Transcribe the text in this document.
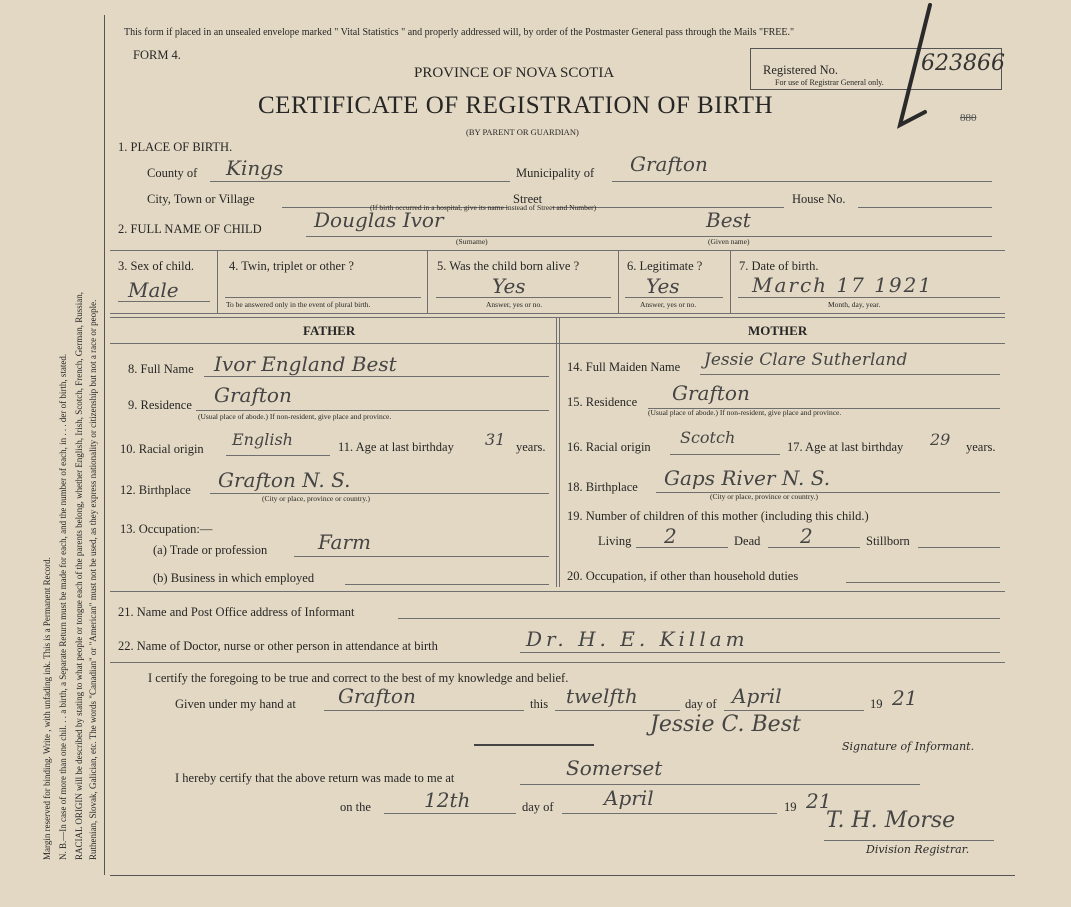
Margin reserved for binding. Write , with unfading ink. This is a Permanent Record. N. B.—In case of more than one chil. . . a birth, a Separate Return must be made for each, and the number of each, in . . . der of birth, stated. RACIAL ORIGIN will be described by stating to what people or tongue each of the parents belong, whether English, Irish, Scotch, French, German, Russian, Ruthenian, Slovak, Galician, etc. The words "Canadian" or "American" must not be used, as they express nationality or citizenship but not a race or people.
This form if placed in an unsealed envelope marked " Vital Statistics " and properly addressed will, by order of the Postmaster General pass through the Mails "FREE."
FORM 4.
PROVINCE OF NOVA SCOTIA
CERTIFICATE OF REGISTRATION OF BIRTH
(BY PARENT OR GUARDIAN)
Registered No.	623866
For use of Registrar General only.
880
1. PLACE OF BIRTH.
County of Kings	Municipality of Grafton
City, Town or Village	Street	House No.
(If birth occurred in a hospital, give its name instead of Street and Number)
2. FULL NAME OF CHILD	Douglas Ivor	Best
(Surname)	(Given name)
3. Sex of child.
Male
4. Twin, triplet or other ?
To be answered only in the event of plural birth.
5. Was the child born alive ?
Yes
Answer, yes or no.
6. Legitimate ?
Yes
Answer, yes or no.
7. Date of birth.
March 17 1921
Month, day, year.
FATHER	MOTHER
8. Full Name Ivor England Best
9. Residence Grafton
(Usual place of abode.) If non-resident, give place and province.
10. Racial origin English	11. Age at last birthday 31 years.
12. Birthplace Grafton N. S.
(City or place, province or country.)
13. Occupation:—
(a) Trade or profession	Farm
(b) Business in which employed
14. Full Maiden Name Jessie Clare Sutherland
15. Residence Grafton
(Usual place of abode.) If non-resident, give place and province.
16. Racial origin Scotch	17. Age at last birthday 29 years.
18. Birthplace Gaps River N. S.
(City or place, province or country.)
19. Number of children of this mother (including this child.)
Living 2	Dead 2	Stillborn
20. Occupation, if other than household duties
21. Name and Post Office address of Informant
22. Name of Doctor, nurse or other person in attendance at birth	Dr. H. E. Killam
I certify the foregoing to be true and correct to the best of my knowledge and belief.
Given under my hand at Grafton	this twelfth	day of April	19 21
Jessie C. Best
Signature of Informant.
I hereby certify that the above return was made to me at	Somerset
on the	12th	day of	April	19 21
T. H. Morse
Division Registrar.
